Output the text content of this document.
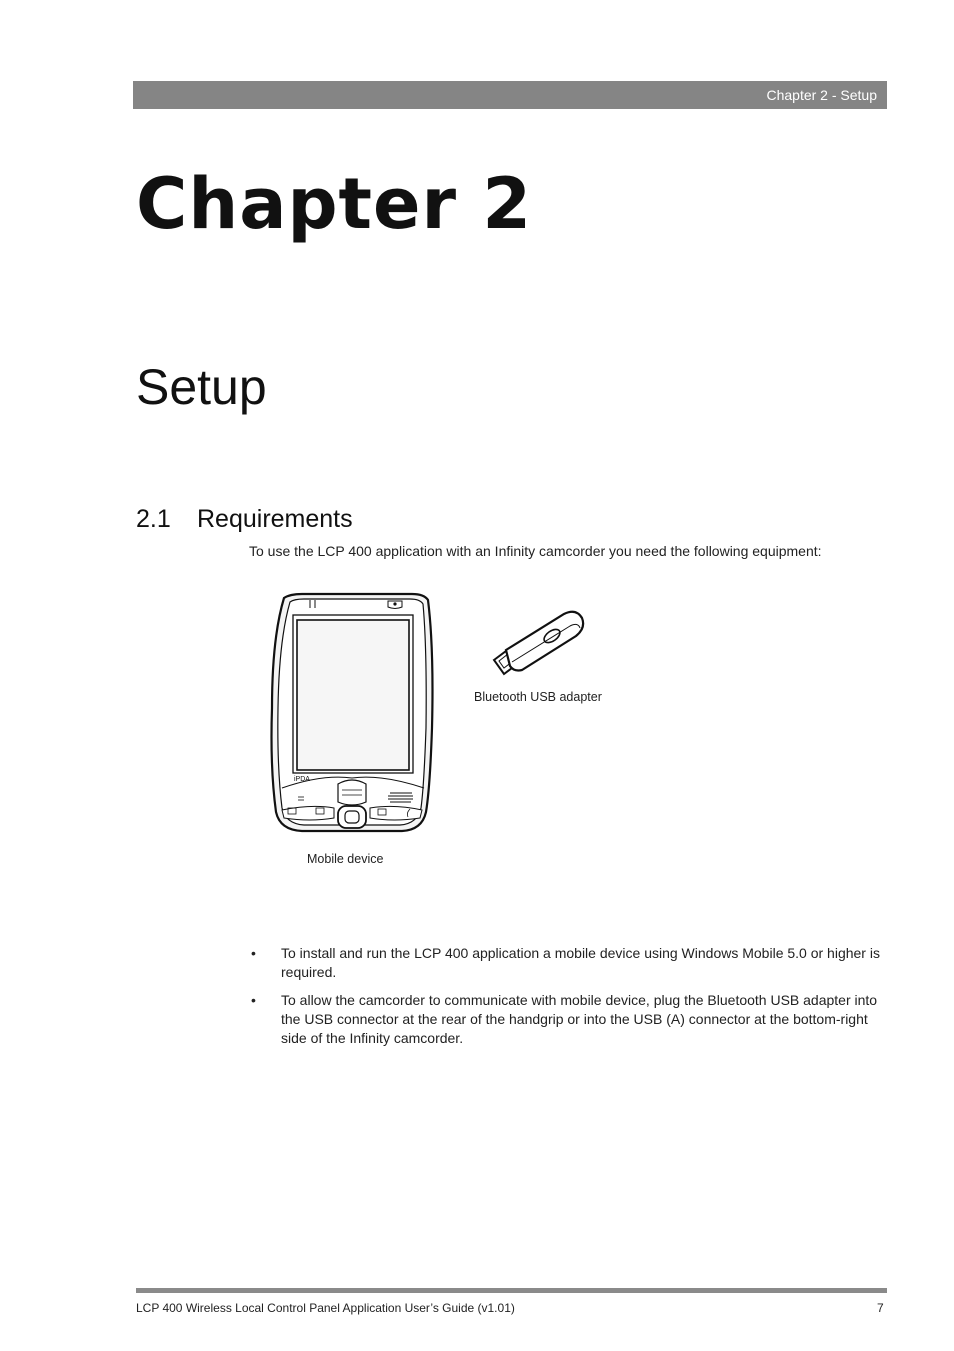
Chapter 2 - Setup
Chapter 2
Setup
2.1 Requirements

To use the LCP 400 application with an Infinity camcorder you need the following equipment:

iPDA
Bluetooth USB adapter
Mobile device
• To install and run the LCP 400 application a mobile device using Windows Mobile 5.0 or higher is required.
• To allow the camcorder to communicate with mobile device, plug the Bluetooth USB adapter into the USB connector at the rear of the handgrip or into the USB (A) connector at the bottom-right side of the Infinity camcorder.
LCP 400 Wireless Local Control Panel Application User’s Guide (v1.01)	7
